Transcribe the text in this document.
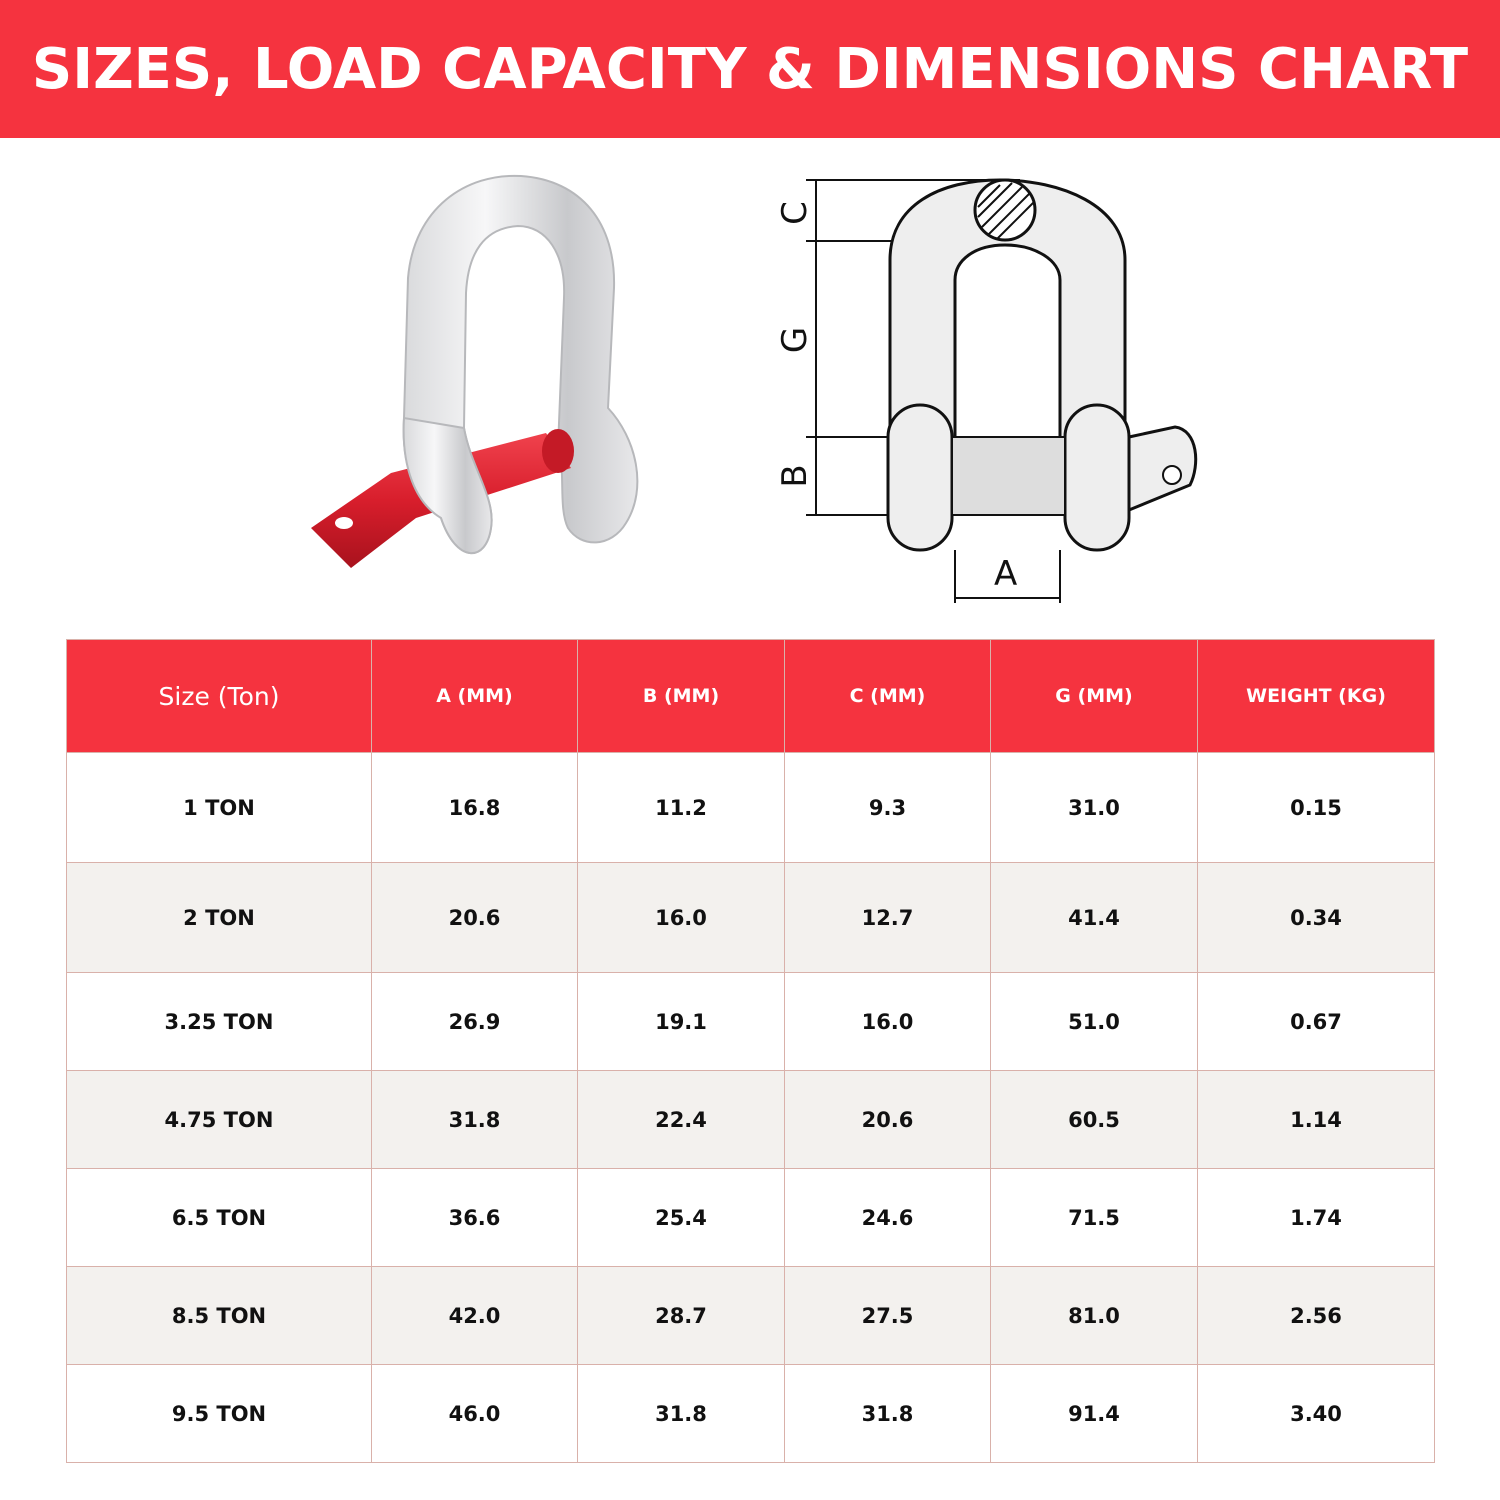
SIZES, LOAD CAPACITY & DIMENSIONS CHART
A
C
G
B
Size (Ton)	A (MM)	B (MM)	C (MM)	G (MM)	WEIGHT (KG)
1 TON	16.8	11.2	9.3	31.0	0.15
2 TON	20.6	16.0	12.7	41.4	0.34
3.25 TON	26.9	19.1	16.0	51.0	0.67
4.75 TON	31.8	22.4	20.6	60.5	1.14
6.5 TON	36.6	25.4	24.6	71.5	1.74
8.5 TON	42.0	28.7	27.5	81.0	2.56
9.5 TON	46.0	31.8	31.8	91.4	3.40
